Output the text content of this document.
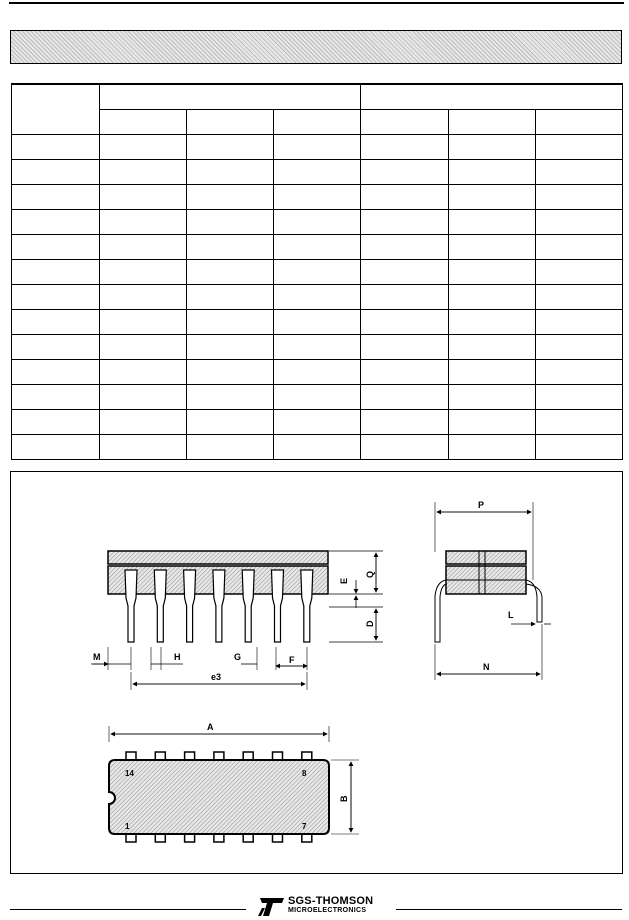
E
Q
D
M	H	G	F
e3
P
L
N
14	8
1	7
A
B
SGS-THOMSON
MICROELECTRONICS
